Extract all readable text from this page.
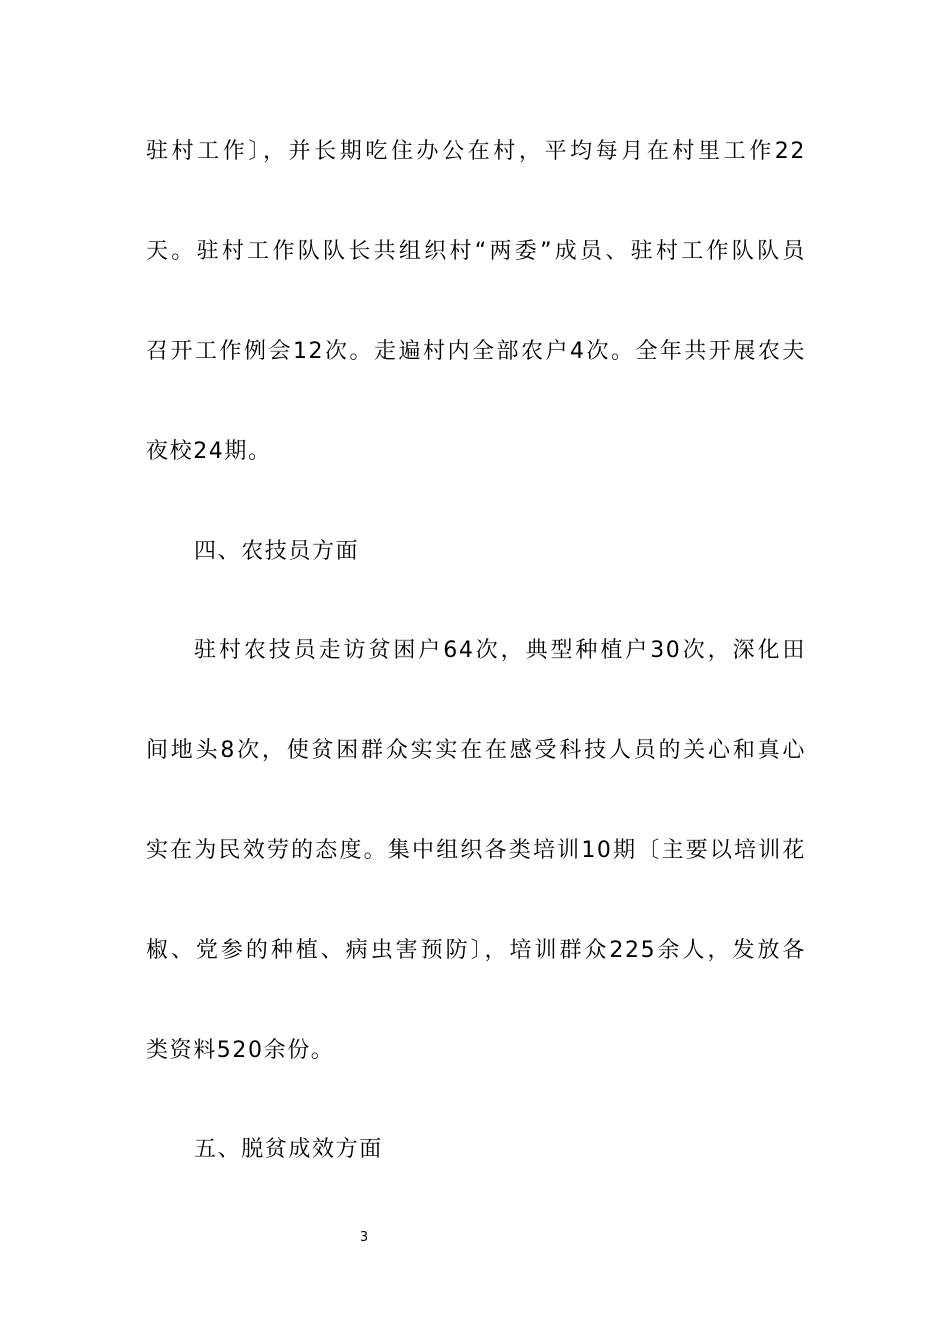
驻村工作〕，并长期吃住办公在村，平均每月在村里工作22
天。驻村工作队队长共组织村“两委”成员、驻村工作队队员
召开工作例会12次。走遍村内全部农户4次。全年共开展农夫
夜校24期。
四、农技员方面
驻村农技员走访贫困户64次，典型种植户30次，深化田
间地头8次，使贫困群众实实在在感受科技人员的关心和真心
实在为民效劳的态度。集中组织各类培训10期〔主要以培训花
椒、党参的种植、病虫害预防〕，培训群众225余人，发放各
类资料520余份。
五、脱贫成效方面
3
